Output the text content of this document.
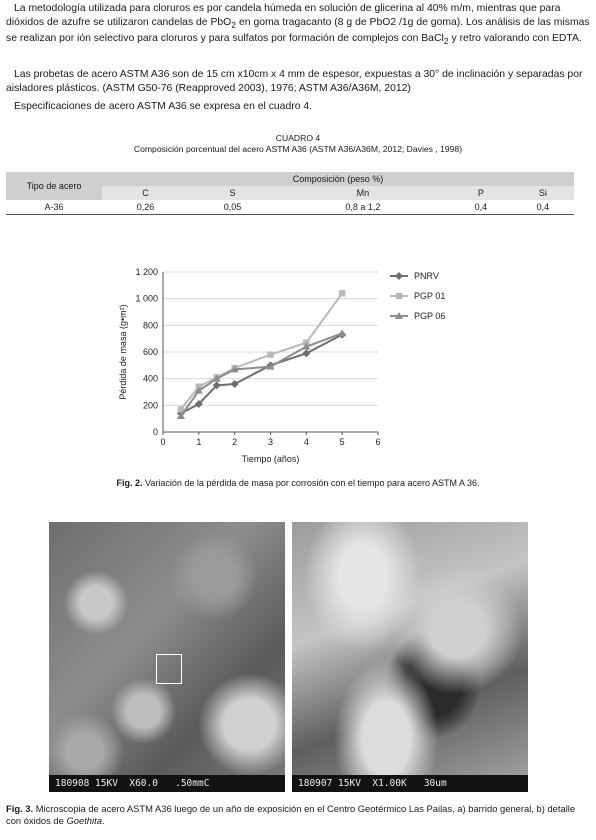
La metodología utilizada para cloruros es por candela húmeda en solución de glicerina al 40% m/m, mientras que para dióxidos de azufre se utilizaron candelas de PbO$_2$ en goma tragacanto (8 g de PbO2 /1g de goma). Los análisis de las mismas se realizan por ión selectivo para cloruros y para sulfatos por formación de complejos con BaCl$_2$ y retro valorando con EDTA.

Las probetas de acero ASTM A36 son de 15 cm x10cm x 4 mm de espesor, expuestas a 30° de inclinación y separadas por aisladores plásticos. (ASTM G50-76 (Reapproved 2003), 1976; ASTM A36/A36M, 2012)

Especificaciones de acero ASTM A36 se expresa en el cuadro 4.

CUADRO 4
Composición porcentual del acero ASTM A36 (ASTM A36/A36M, 2012; Davies , 1998)
Tipo de acero	Composición (peso %)				
	C	S	Mn	P	Si
A-36	0,26	0,05	0,8 a 1,2	0,4	0,4
0
200
400
600
800
1 000
1 200
0	1	2	3	4	5	6
Tiempo (años)
Pérdida de masa (g•m²)
PNRV
PGP 01
PGP 06
Fig. 2. Variación de la pérdida de masa por corrosión con el tiempo para acero ASTM A 36.
180908 15KV  X60.0   .50mmC	180907 15KV  X1.00K   30um
Fig. 3. Microscopia de acero ASTM A36 luego de un año de exposición en el Centro Geotérmico Las Pailas, a) barrido general, b) detalle con óxidos de Goethita.
